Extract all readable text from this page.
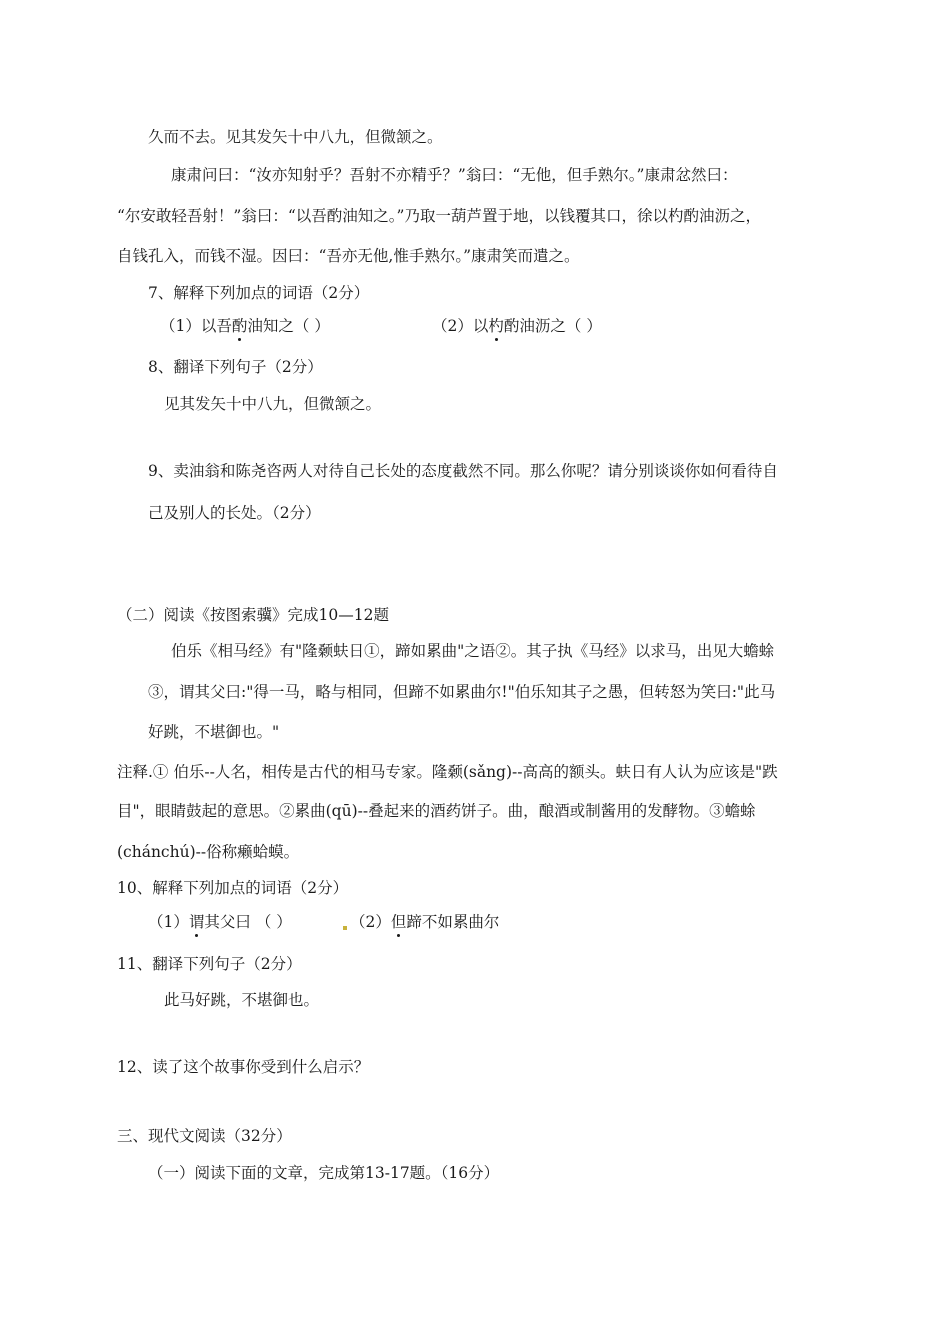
久而不去。见其发矢十中八九，但微颔之。
康肃问曰：“汝亦知射乎？吾射不亦精乎？”翁曰：“无他，但手熟尔。”康肃忿然曰：
“尔安敢轻吾射！”翁曰：“以吾酌油知之。”乃取一葫芦置于地，以钱覆其口，徐以杓酌油沥之，
自钱孔入，而钱不湿。因曰：“吾亦无他,惟手熟尔。”康肃笑而遣之。
7、解释下列加点的词语（2分）
（1）以吾酌油知之（ ）	（2）以杓酌油沥之（ ）
8、翻译下列句子（2分）
见其发矢十中八九，但微颔之。
9、卖油翁和陈尧咨两人对待自己长处的态度截然不同。那么你呢？请分别谈谈你如何看待自
己及别人的长处。（2分）
（二）阅读《按图索骥》完成10—12题
伯乐《相马经》有"隆颡蚨日①，蹄如累曲"之语②。其子执《马经》以求马，出见大蟾蜍
③，谓其父曰:"得一马，略与相同，但蹄不如累曲尔!"伯乐知其子之愚，但转怒为笑曰:"此马
好跳，不堪御也。"
注释.① 伯乐--人名，相传是古代的相马专家。隆颡(sǎng)--高高的额头。蚨日有人认为应该是"跌
目"，眼睛鼓起的意思。②累曲(qū)--叠起来的酒药饼子。曲，酿酒或制酱用的发酵物。③蟾蜍
(chánchú)--俗称癞蛤蟆。
10、解释下列加点的词语（2分）
（1）谓其父曰 （ ）	（2）但蹄不如累曲尔
11、翻译下列句子（2分）
此马好跳，不堪御也。
12、读了这个故事你受到什么启示？
三、现代文阅读（32分）
（一）阅读下面的文章，完成第13-17题。（16分）
